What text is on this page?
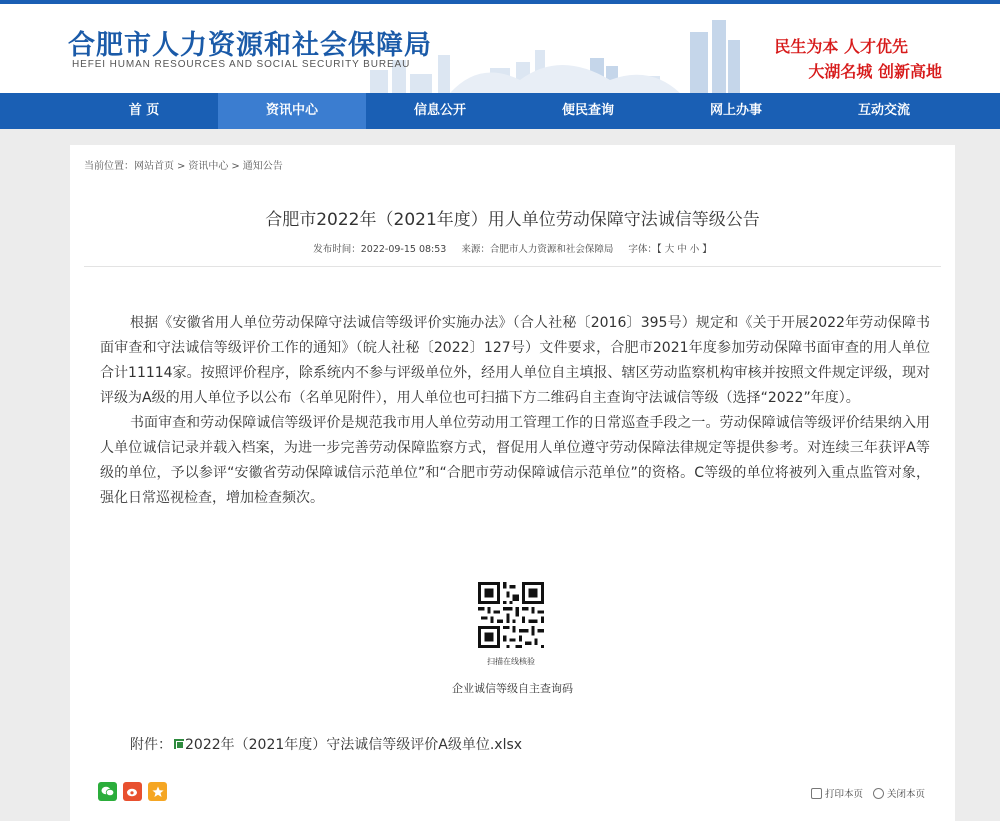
合肥市人力资源和社会保障局
HEFEI HUMAN RESOURCES AND SOCIAL SECURITY BUREAU
民生为本 人才优先
大湖名城 创新高地
首 页	资讯中心	信息公开	便民查询	网上办事	互动交流
当前位置：网站首页 > 资讯中心 > 通知公告
合肥市2022年（2021年度）用人单位劳动保障守法诚信等级公告
发布时间：2022-09-15 08:53 来源：合肥市人力资源和社会保障局 字体：【 大 中 小 】

根据《安徽省用人单位劳动保障守法诚信等级评价实施办法》（合人社秘〔2016〕395号）规定和《关于开展2022年劳动保障书面审查和守法诚信等级评价工作的通知》（皖人社秘〔2022〕127号）文件要求，合肥市2021年度参加劳动保障书面审查的用人单位合计11114家。按照评价程序，除系统内不参与评级单位外，经用人单位自主填报、辖区劳动监察机构审核并按照文件规定评级，现对评级为A级的用人单位予以公布（名单见附件），用人单位也可扫描下方二维码自主查询守法诚信等级（选择“2022”年度）。

书面审查和劳动保障诚信等级评价是规范我市用人单位劳动用工管理工作的日常巡查手段之一。劳动保障诚信等级评价结果纳入用人单位诚信记录并载入档案，为进一步完善劳动保障监察方式，督促用人单位遵守劳动保障法律规定等提供参考。对连续三年获评A等级的单位，予以参评“安徽省劳动保障诚信示范单位”和“合肥市劳动保障诚信示范单位”的资格。C等级的单位将被列入重点监管对象，强化日常巡视检查，增加检查频次。

扫描在线核验
企业诚信等级自主查询码
附件： 2022年（2021年度）守法诚信等级评价A级单位.xlsx
打印本页	关闭本页
